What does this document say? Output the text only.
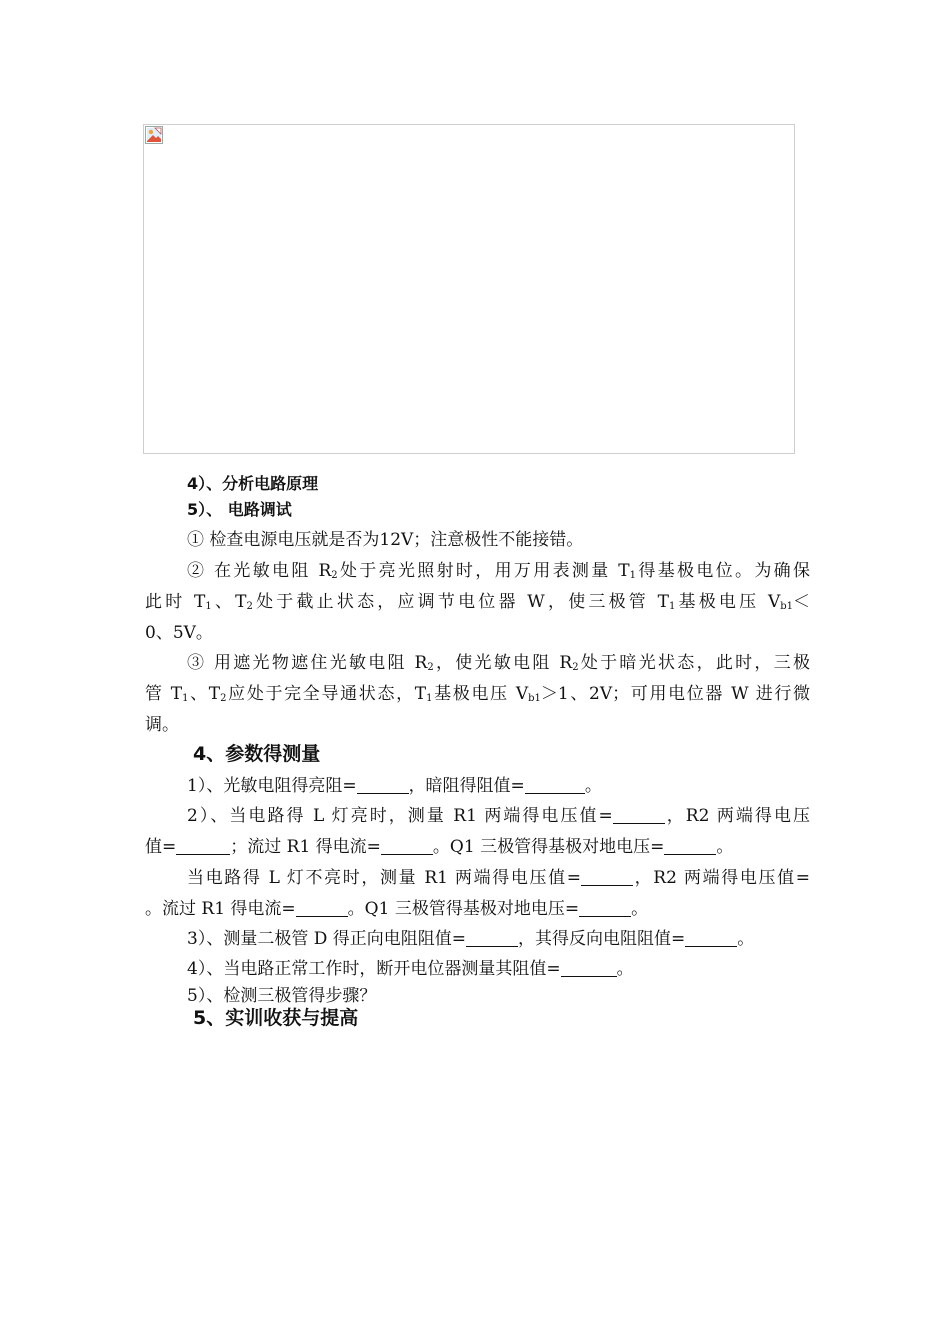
4）、分析电路原理
5）、 电路调试
① 检查电源电压就是否为12V；注意极性不能接错。
② 在光敏电阻 $R_2$处于亮光照射时，用万用表测量 $T_1$得基极电位。为确保
此时 $T_1$、$T_2$处于截止状态，应调节电位器 W，使三极管 $T_1$基极电压 $V_{b1}<$
0、5V。
③ 用遮光物遮住光敏电阻 $R_2$，使光敏电阻 $R_2$处于暗光状态，此时，三极
管 $T_1$、$T_2$应处于完全导通状态，$T_1$基极电压 $V_{b1}>1$、2V；可用电位器 W 进行微
调。
4、参数得测量
1）、光敏电阻得亮阻=	，暗阻得阻值=	。
2）、当电路得 L 灯亮时，测量 R1 两端得电压值=	，R2 两端得电压
值=	；流过 R1 得电流=	。Q1 三极管得基极对地电压=	。
当电路得 L 灯不亮时，测量 R1 两端得电压值=	，R2 两端得电压值=
。流过 R1 得电流=	。Q1 三极管得基极对地电压=	。
3）、测量二极管 D 得正向电阻阻值=	，其得反向电阻阻值=	。
4）、当电路正常工作时，断开电位器测量其阻值=	。
5）、检测三极管得步骤？
5、实训收获与提高
